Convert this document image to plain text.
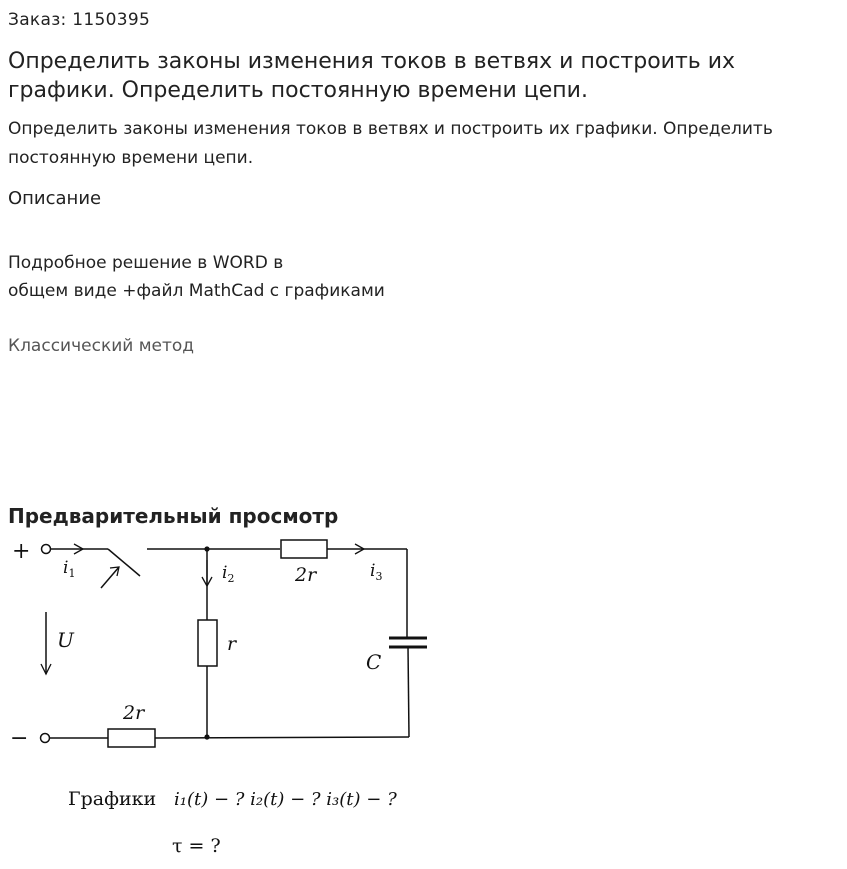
Заказ: 1150395
Определить законы изменения токов в ветвях и построить их графики. Определить постоянную времени цепи.

Определить законы изменения токов в ветвях и построить их графики. Определить постоянную времени цепи.

Описание
Подробное решение в WORD в
общем виде +файл MathCad с графиками
Классический метод
Предварительный просмотр
+
−
$i_1$	$i_2$	$i_3$
U	r
2r
2r
C
Графики i₁(t) − ? i₂(t) − ? i₃(t) − ?
τ = ?
